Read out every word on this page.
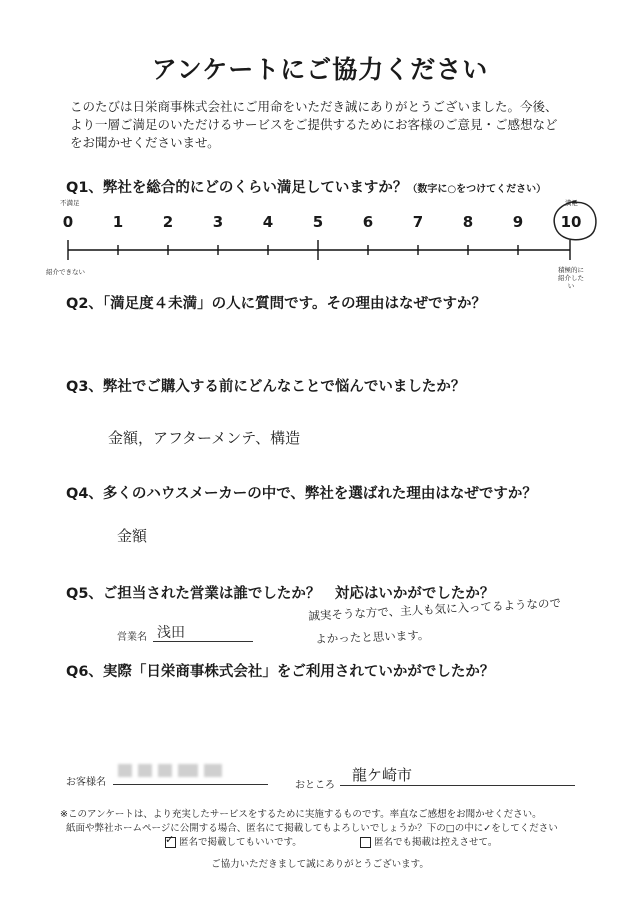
アンケートにご協力ください
このたびは日栄商事株式会社にご用命をいただき誠にありがとうございました。今後、
より一層ご満足のいただけるサービスをご提供するためにお客様のご意見・ご感想など
をお聞かせくださいませ。
Q1、弊社を総合的にどのくらい満足していますか？（数字に○をつけてください）
不満足	満足
0	1	2	3	4	5	6	7	8	9	10
紹介できない	積極的に紹介したい
Q2、「満足度４未満」の人に質問です。その理由はなぜですか？
Q3、弊社でご購入する前にどんなことで悩んでいましたか？
金額，アフターメンテ、構造
Q4、多くのハウスメーカーの中で、弊社を選ばれた理由はなぜですか？
金額
Q5、ご担当された営業は誰でしたか？　対応はいかがでしたか？
営業名 浅田
誠実そうな方で、主人も気に入ってるようなので
よかったと思います。
Q6、実際「日栄商事株式会社」をご利用されていかがでしたか？
お客様名	おところ
龍ケ崎市
※このアンケートは、より充実したサービスをするために実施するものです。率直なご感想をお聞かせください。
紙面や弊社ホームページに公開する場合、匿名にて掲載してもよろしいでしょうか？下の□の中に✓をしてください
✓ 匿名で掲載してもいいです。	匿名でも掲載は控えさせて。
ご協力いただきまして誠にありがとうございます。
